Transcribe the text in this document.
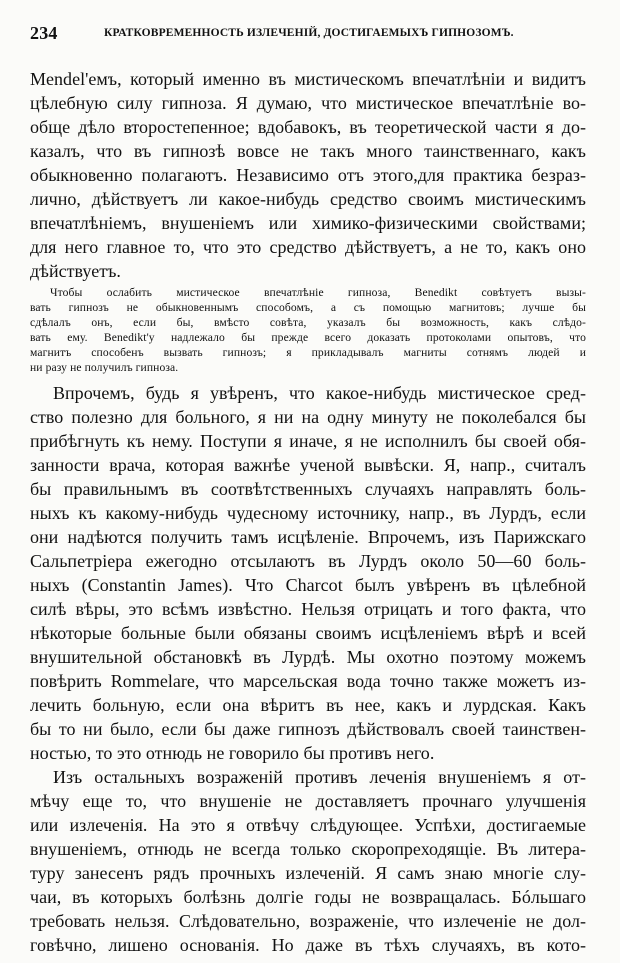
234	КРАТКОВРЕМЕННОСТЬ ИЗЛЕЧЕНІЙ, ДОСТИГАЕМЫХЪ ГИПНОЗОМЪ.
Mendel'емъ, который именно въ мистическомъ впечатлѣніи и видитъ
цѣлебную силу гипноза. Я думаю, что мистическое впечатлѣніе во-
обще дѣло второстепенное; вдобавокъ, въ теоретической части я до-
казалъ, что въ гипнозѣ вовсе не такъ много таинственнаго, какъ
обыкновенно полагаютъ. Независимо отъ этого,для практика безраз-
лично, дѣйствуетъ ли какое-нибудь средство своимъ мистическимъ
впечатлѣніемъ, внушеніемъ или химико-физическими свойствами;
для него главное то, что это средство дѣйствуетъ, а не то, какъ оно
дѣйствуетъ.
Чтобы ослабить мистическое впечатлѣніе гипноза, Benedikt совѣтуетъ вызы-
вать гипнозъ не обыкновеннымъ способомъ, а съ помощью магнитовъ; лучше бы
сдѣлалъ онъ, если бы, вмѣсто совѣта, указалъ бы возможность, какъ слѣдо-
вать ему. Benedikt'у надлежало бы прежде всего доказать протоколами опытовъ, что
магнитъ способенъ вызвать гипнозъ; я прикладывалъ магниты сотнямъ людей и
ни разу не получилъ гипноза.
Впрочемъ, будь я увѣренъ, что какое-нибудь мистическое сред-
ство полезно для больного, я ни на одну минуту не поколебался бы
прибѣгнуть къ нему. Поступи я иначе, я не исполнилъ бы своей обя-
занности врача, которая важнѣе ученой вывѣски. Я, напр., считалъ
бы правильнымъ въ соотвѣтственныхъ случаяхъ направлять боль-
ныхъ къ какому-нибудь чудесному источнику, напр., въ Лурдъ, если
они надѣются получить тамъ исцѣленіе. Впрочемъ, изъ Парижскаго
Сальпетріера ежегодно отсылаютъ въ Лурдъ около 50—60 боль-
ныхъ (Constantin James). Что Charcot былъ увѣренъ въ цѣлебной
силѣ вѣры, это всѣмъ извѣстно. Нельзя отрицать и того факта, что
нѣкоторые больные были обязаны своимъ исцѣленіемъ вѣрѣ и всей
внушительной обстановкѣ въ Лурдѣ. Мы охотно поэтому можемъ
повѣрить Rommelare, что марсельская вода точно также можетъ из-
лечить больную, если она вѣритъ въ нее, какъ и лурдская. Какъ
бы то ни было, если бы даже гипнозъ дѣйствовалъ своей таинствен-
ностью, то это отнюдь не говорило бы противъ него.
Изъ остальныхъ возраженій противъ леченія внушеніемъ я от-
мѣчу еще то, что внушеніе не доставляетъ прочнаго улучшенія
или излеченія. На это я отвѣчу слѣдующее. Успѣхи, достигаемые
внушеніемъ, отнюдь не всегда только скоропреходящіе. Въ литера-
туру занесенъ рядъ прочныхъ излеченій. Я самъ знаю многіе слу-
чаи, въ которыхъ болѣзнь долгіе годы не возвращалась. Бóльшаго
требовать нельзя. Слѣдовательно, возраженіе, что излеченіе не дол-
говѣчно, лишено основанія. Но даже въ тѣхъ случаяхъ, въ кото-
